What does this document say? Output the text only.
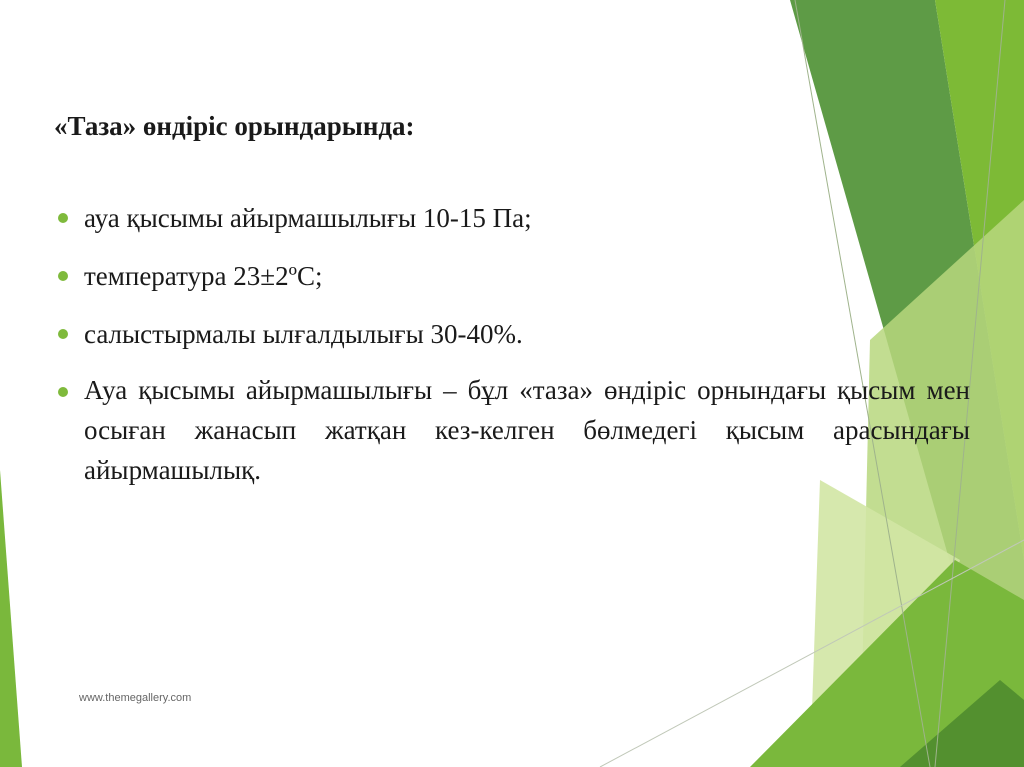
«Таза» өндіріс орындарында:
ауа қысымы айырмашылығы 10-15 Па;
температура 23±2ºС;
салыстырмалы ылғалдылығы 30-40%.
Ауа қысымы айырмашылығы – бұл «таза» өндіріс орнындағы қысым мен осыған жанасып жатқан кез-келген бөлмедегі қысым арасындағы айырмашылық.
www.themegallery.com
